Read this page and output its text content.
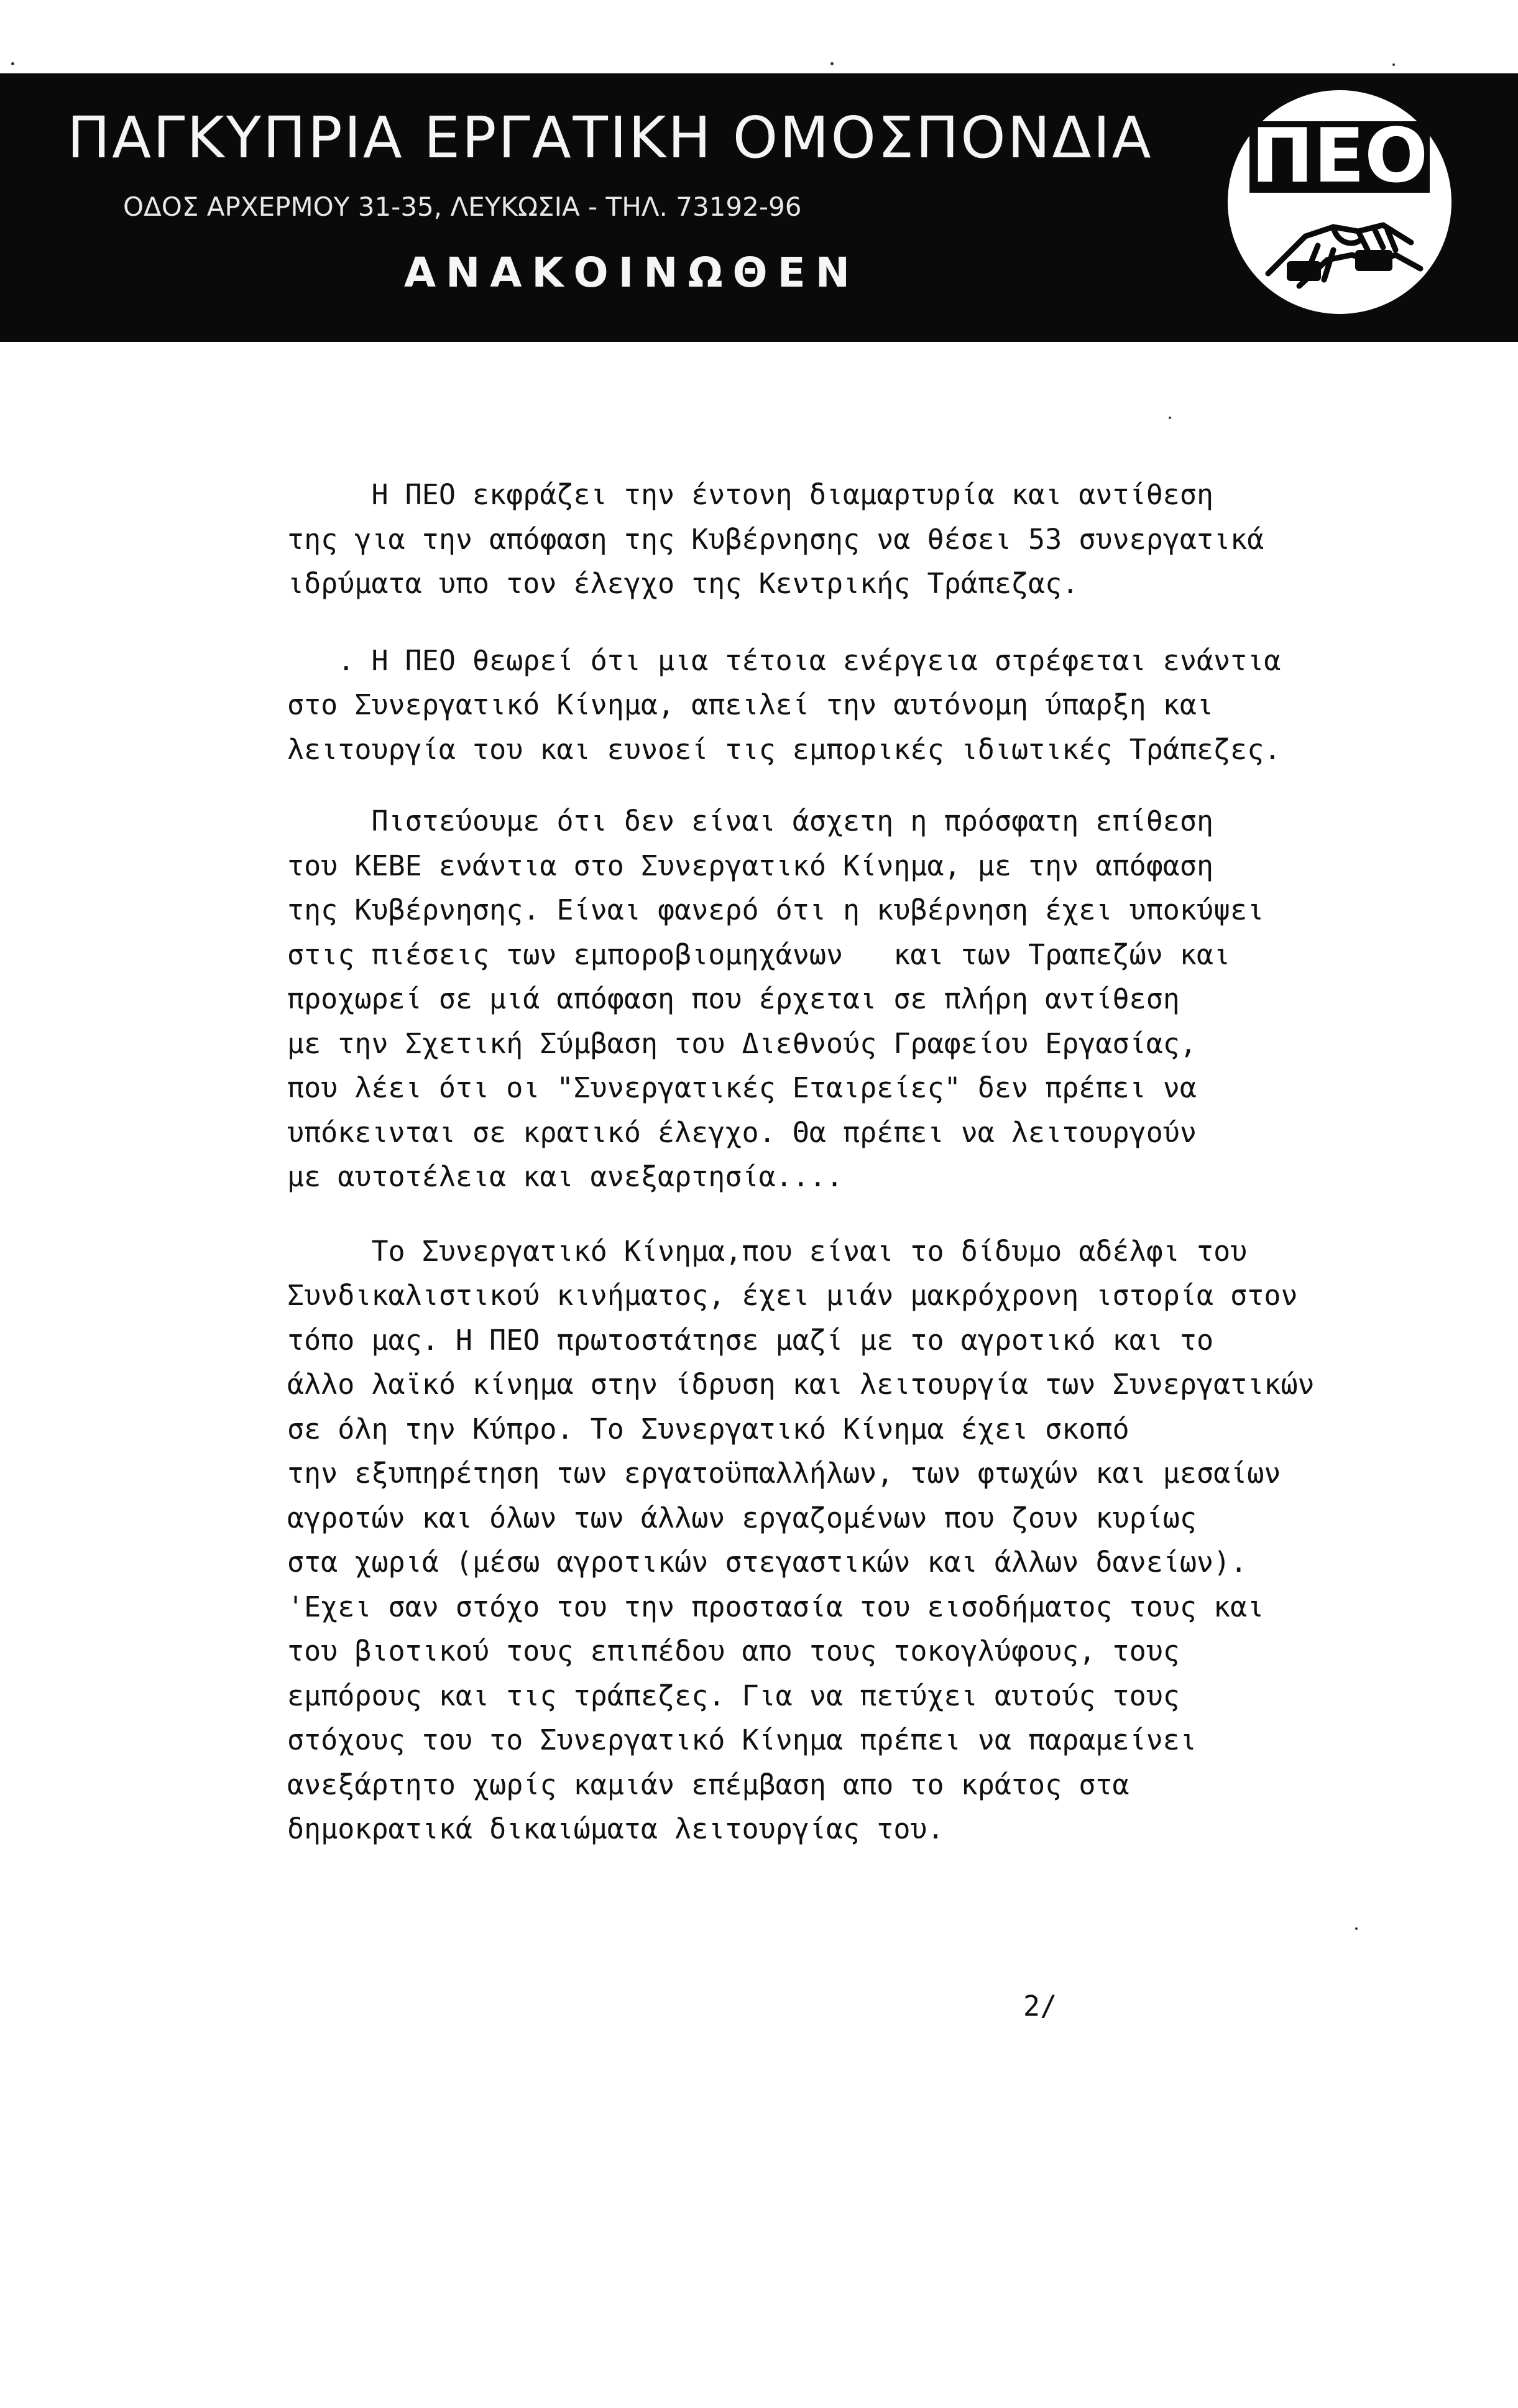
ΠΑΓΚΥΠΡΙΑ ΕΡΓΑΤΙΚΗ ΟΜΟΣΠΟΝΔΙΑ
ΟΔΟΣ ΑΡΧΕΡΜΟΥ 31-35, ΛΕΥΚΩΣΙΑ - ΤΗΛ. 73192-96
ΑΝΑΚΟΙΝΩΘΕΝ
ΠΕΟ
Η ΠΕΟ εκφράζει την έντονη διαμαρτυρία και αντίθεση
της για την απόφαση της Κυβέρνησης να θέσει 53 συνεργατικά
ιδρύματα υπο τον έλεγχο της Κεντρικής Τράπεζας.
. Η ΠΕΟ θεωρεί ότι μια τέτοια ενέργεια στρέφεται ενάντια
στο Συνεργατικό Κίνημα, απειλεί την αυτόνομη ύπαρξη και
λειτουργία του και ευνοεί τις εμπορικές ιδιωτικές Τράπεζες.
Πιστεύουμε ότι δεν είναι άσχετη η πρόσφατη επίθεση
του ΚΕΒΕ ενάντια στο Συνεργατικό Κίνημα, με την απόφαση
της Κυβέρνησης. Είναι φανερό ότι η κυβέρνηση έχει υποκύψει
στις πιέσεις των εμποροβιομηχάνων   και των Τραπεζών και
προχωρεί σε μιά απόφαση που έρχεται σε πλήρη αντίθεση
με την Σχετική Σύμβαση του Διεθνούς Γραφείου Εργασίας,
που λέει ότι οι "Συνεργατικές Εταιρείες" δεν πρέπει να
υπόκεινται σε κρατικό έλεγχο. Θα πρέπει να λειτουργούν
με αυτοτέλεια και ανεξαρτησία....
Το Συνεργατικό Κίνημα,που είναι το δίδυμο αδέλφι του
Συνδικαλιστικού κινήματος, έχει μιάν μακρόχρονη ιστορία στον
τόπο μας. Η ΠΕΟ πρωτοστάτησε μαζί με το αγροτικό και το
άλλο λαϊκό κίνημα στην ίδρυση και λειτουργία των Συνεργατικών
σε όλη την Κύπρο. Το Συνεργατικό Κίνημα έχει σκοπό
την εξυπηρέτηση των εργατοϋπαλλήλων, των φτωχών και μεσαίων
αγροτών και όλων των άλλων εργαζομένων που ζουν κυρίως
στα χωριά (μέσω αγροτικών στεγαστικών και άλλων δανείων).
'Εχει σαν στόχο του την προστασία του εισοδήματος τους και
του βιοτικού τους επιπέδου απο τους τοκογλύφους, τους
εμπόρους και τις τράπεζες. Για να πετύχει αυτούς τους
στόχους του το Συνεργατικό Κίνημα πρέπει να παραμείνει
ανεξάρτητο χωρίς καμιάν επέμβαση απο το κράτος στα
δημοκρατικά δικαιώματα λειτουργίας του.
2/
